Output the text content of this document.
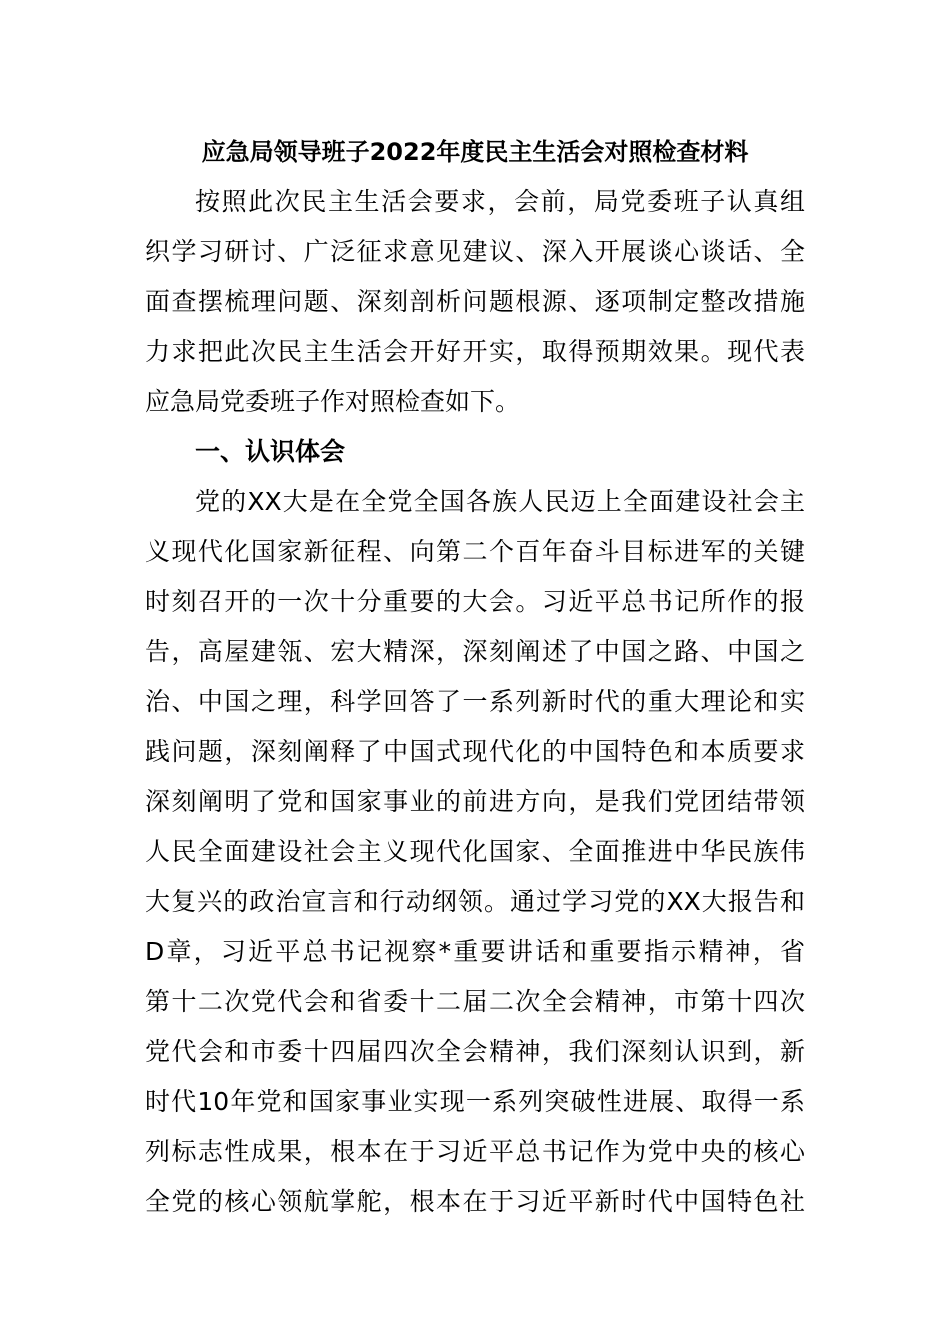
应急局领导班子2022年度民主生活会对照检查材料
按照此次民主生活会要求，会前，局党委班子认真组
织学习研讨、广泛征求意见建议、深入开展谈心谈话、全
面查摆梳理问题、深刻剖析问题根源、逐项制定整改措施
力求把此次民主生活会开好开实，取得预期效果。现代表
应急局党委班子作对照检查如下。
一、认识体会
党的XX大是在全党全国各族人民迈上全面建设社会主
义现代化国家新征程、向第二个百年奋斗目标进军的关键
时刻召开的一次十分重要的大会。习近平总书记所作的报
告，高屋建瓴、宏大精深，深刻阐述了中国之路、中国之
治、中国之理，科学回答了一系列新时代的重大理论和实
践问题，深刻阐释了中国式现代化的中国特色和本质要求
深刻阐明了党和国家事业的前进方向，是我们党团结带领
人民全面建设社会主义现代化国家、全面推进中华民族伟
大复兴的政治宣言和行动纲领。通过学习党的XX大报告和
D章，习近平总书记视察*重要讲话和重要指示精神，省
第十二次党代会和省委十二届二次全会精神，市第十四次
党代会和市委十四届四次全会精神，我们深刻认识到，新
时代10年党和国家事业实现一系列突破性进展、取得一系
列标志性成果，根本在于习近平总书记作为党中央的核心
全党的核心领航掌舵，根本在于习近平新时代中国特色社
